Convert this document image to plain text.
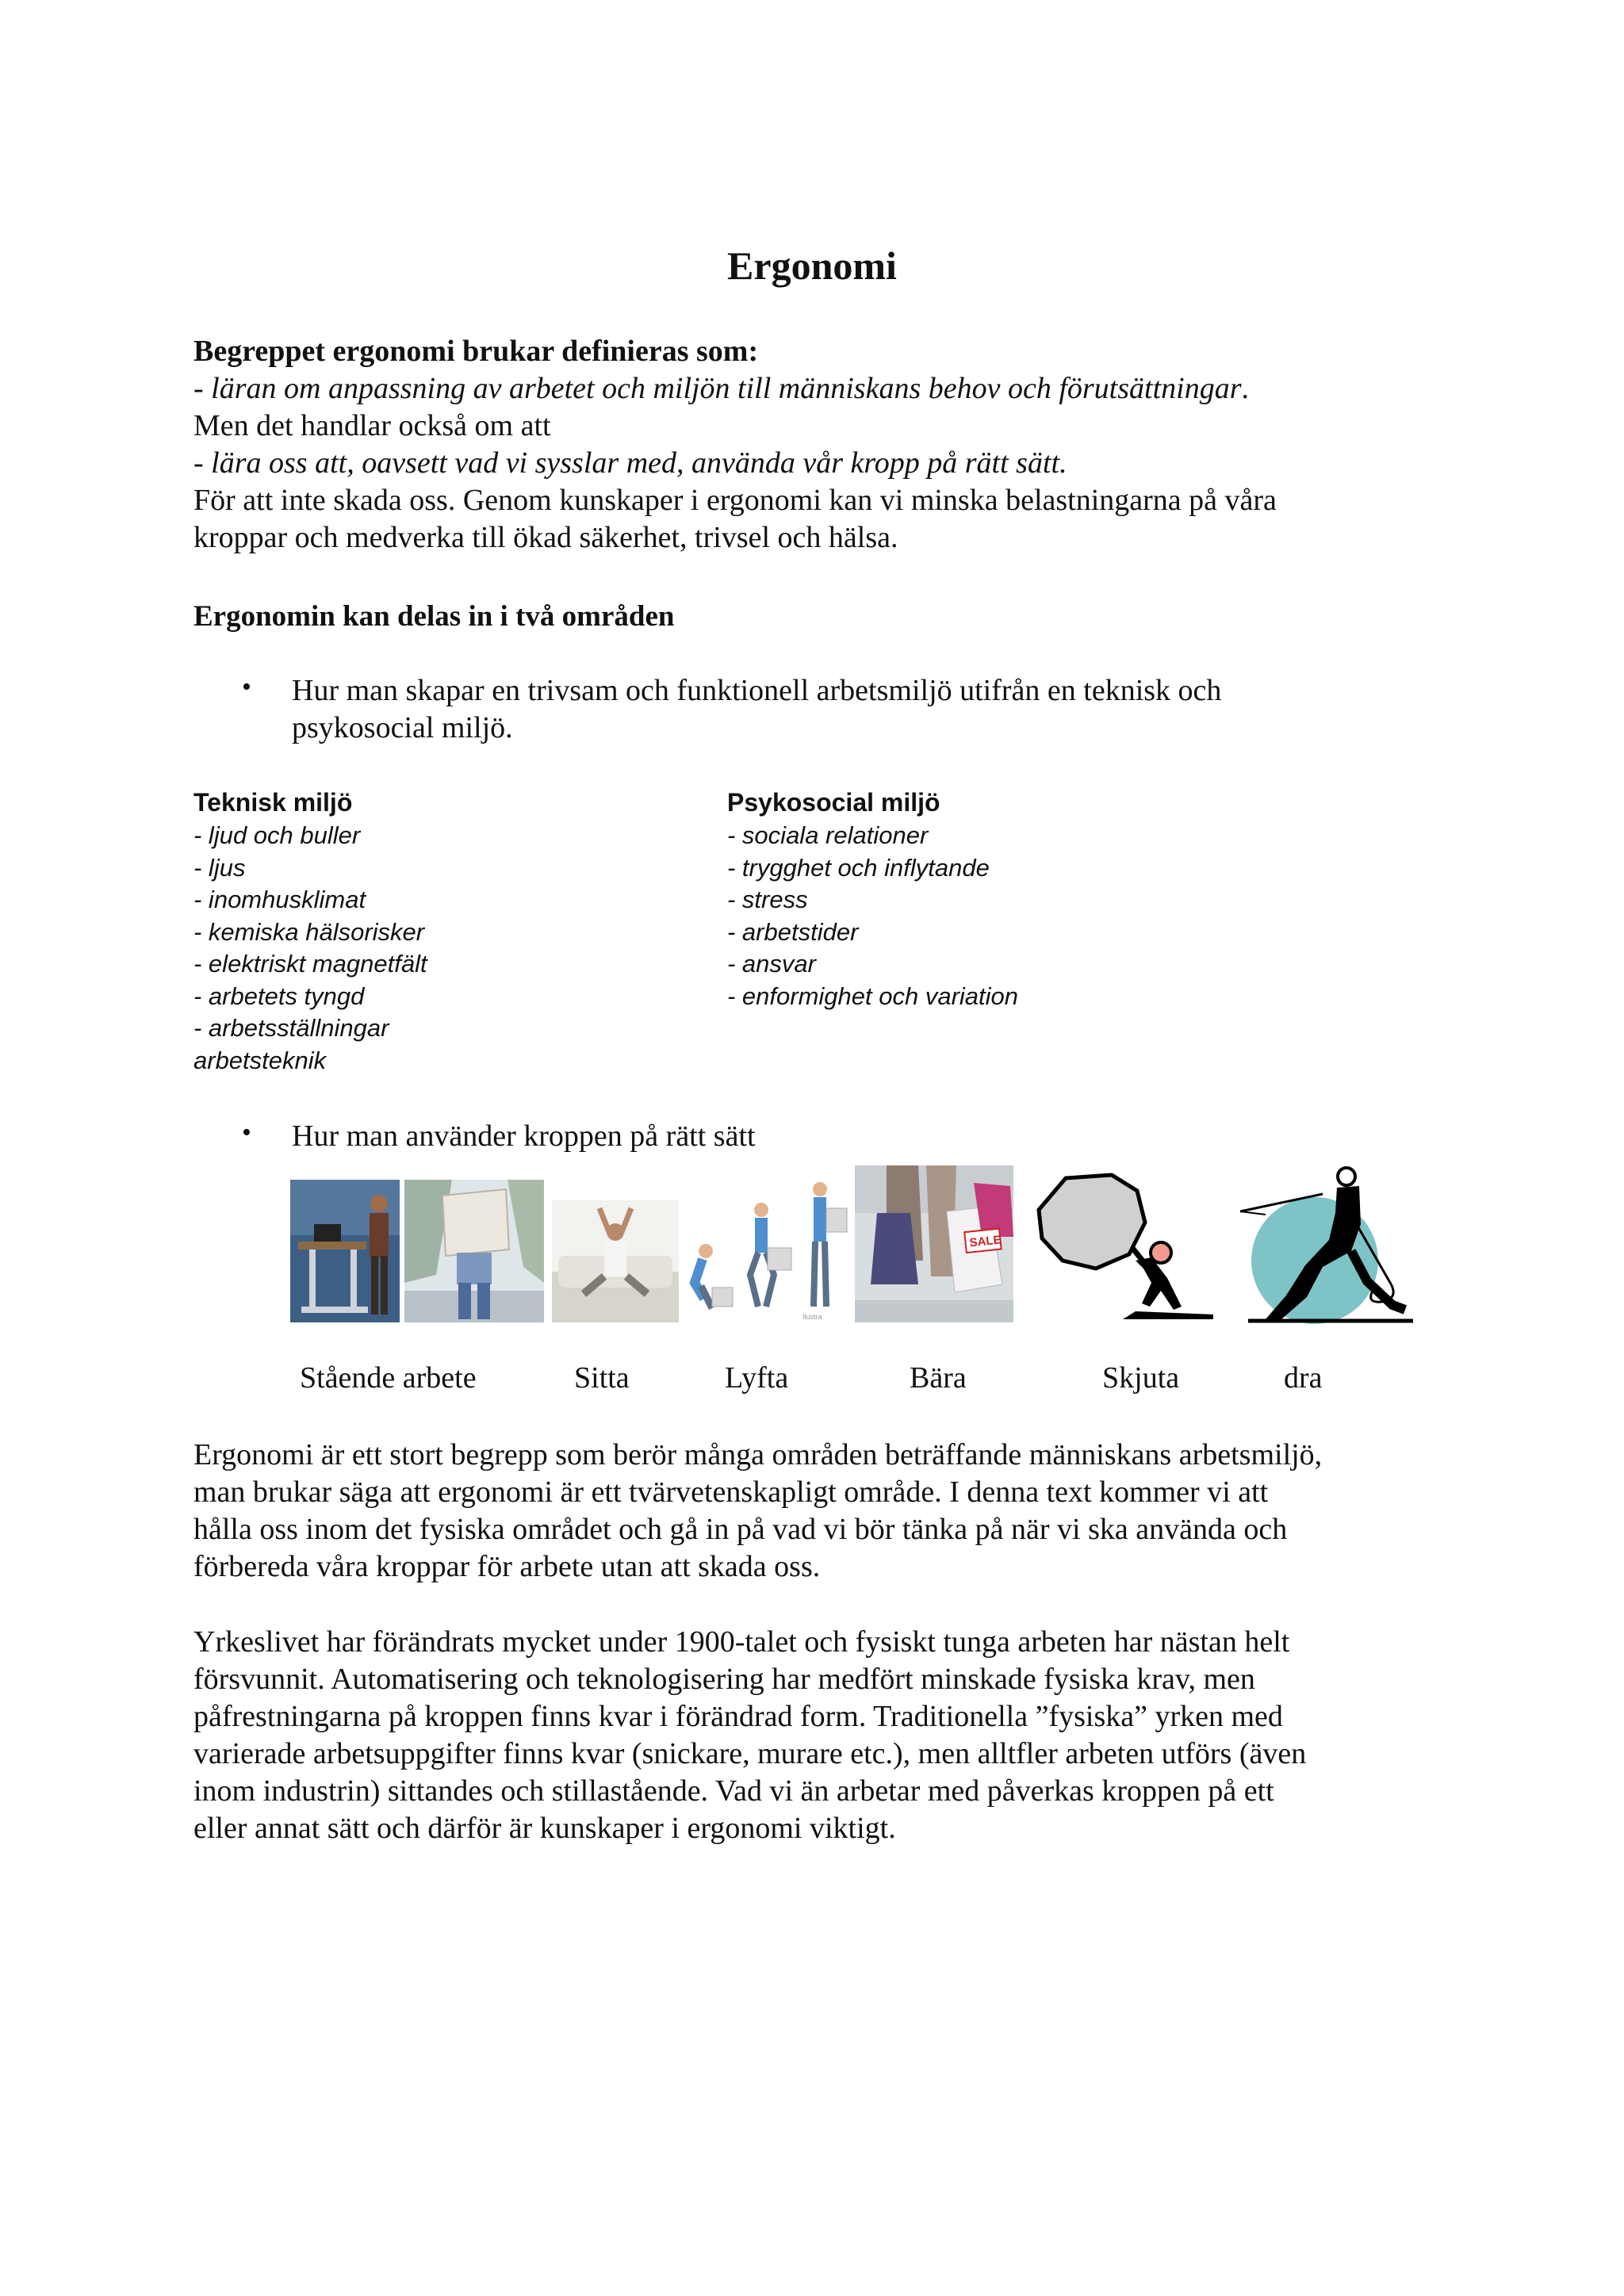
Ergonomi
Begreppet ergonomi brukar definieras som:
- läran om anpassning av arbetet och miljön till människans behov och förutsättningar.
Men det handlar också om att
- lära oss att, oavsett vad vi sysslar med, använda vår kropp på rätt sätt.
För att inte skada oss. Genom kunskaper i ergonomi kan vi minska belastningarna på våra
kroppar och medverka till ökad säkerhet, trivsel och hälsa.
Ergonomin kan delas in i två områden
• Hur man skapar en trivsam och funktionell arbetsmiljö utifrån en teknisk och
psykosocial miljö.
Teknisk miljö
- ljud och buller
- ljus
- inomhusklimat
- kemiska hälsorisker
- elektriskt magnetfält
- arbetets tyngd
- arbetsställningar
arbetsteknik
Psykosocial miljö
- sociala relationer
- trygghet och inflytande
- stress
- arbetstider
- ansvar
- enformighet och variation
• Hur man använder kroppen på rätt sätt
Ilustra
SALE
Stående arbete	Sitta	Lyfta	Bära	Skjuta	dra
Ergonomi är ett stort begrepp som berör många områden beträffande människans arbetsmiljö,
man brukar säga att ergonomi är ett tvärvetenskapligt område. I denna text kommer vi att
hålla oss inom det fysiska området och gå in på vad vi bör tänka på när vi ska använda och
förbereda våra kroppar för arbete utan att skada oss.
Yrkeslivet har förändrats mycket under 1900-talet och fysiskt tunga arbeten har nästan helt
försvunnit. Automatisering och teknologisering har medfört minskade fysiska krav, men
påfrestningarna på kroppen finns kvar i förändrad form. Traditionella ”fysiska” yrken med
varierade arbetsuppgifter finns kvar (snickare, murare etc.), men alltfler arbeten utförs (även
inom industrin) sittandes och stillastående. Vad vi än arbetar med påverkas kroppen på ett
eller annat sätt och därför är kunskaper i ergonomi viktigt.
